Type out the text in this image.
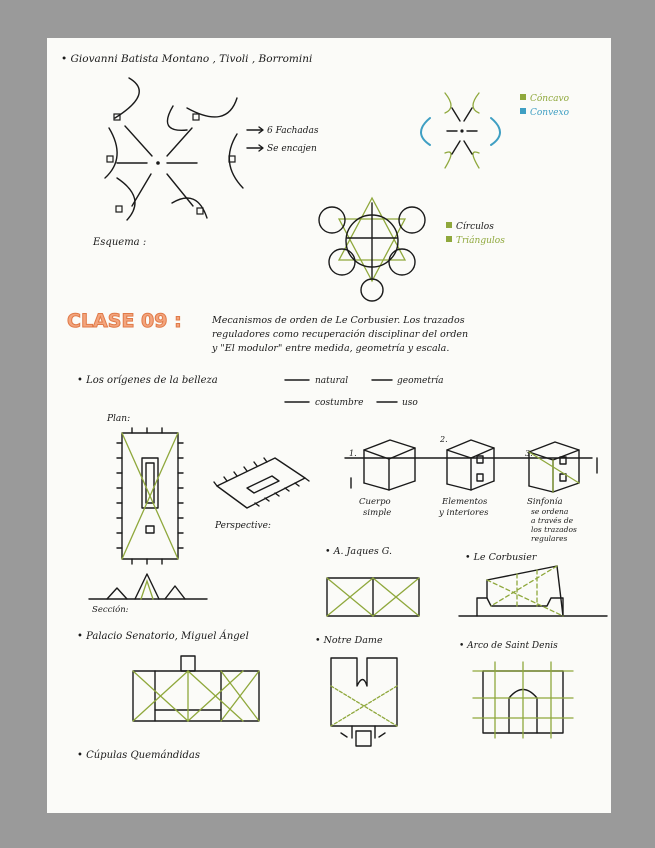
• Giovanni Batista Montano , Tivoli , Borromini
6 Fachadas
Se encajen
Esquema :
Cóncavo
Convexo
Círculos
Triángulos
CLASE 09 :	Mecanismos de orden de Le Corbusier. Los trazados
reguladores como recuperación disciplinar del orden
y "El modulor" entre medida, geometría y escala.
• Los orígenes de la belleza	natural	geometría
costumbre	uso
Plan:
Perspective:
Sección:
1.
2.
3.
Cuerpo
simple
Elementos
y interiores
Sinfonía
se ordena
a través de
los trazados
regulares
• A. Jaques G.
• Le Corbusier
• Palacio Senatorio, Miguel Ángel	• Notre Dame	• Arco de Saint Denis
• Cúpulas Quemándidas
